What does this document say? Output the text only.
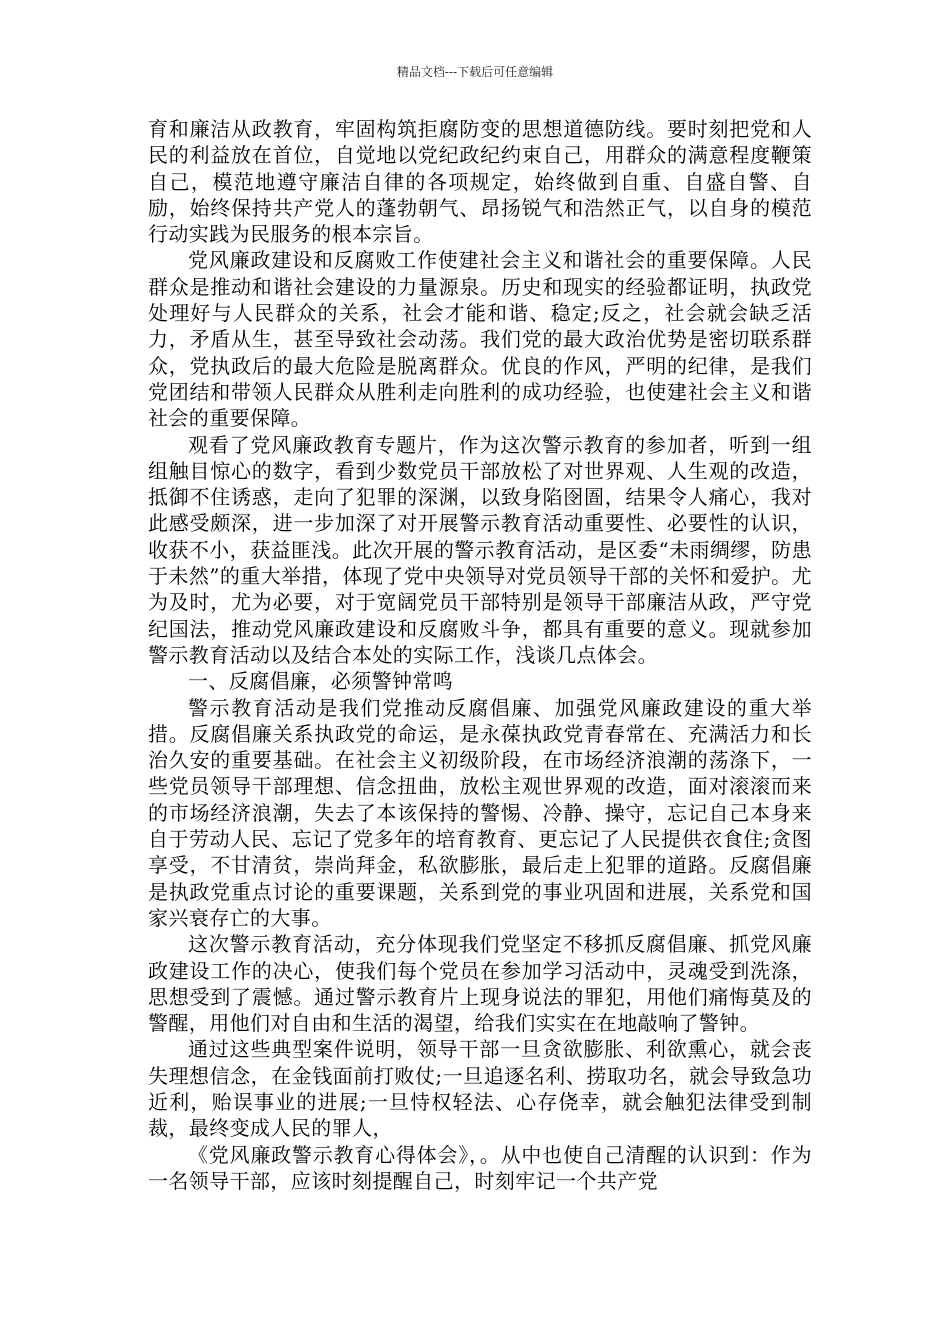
精品文档---下载后可任意编辑

育和廉洁从政教育，牢固构筑拒腐防变的思想道德防线。要时刻把党和人民的利益放在首位，自觉地以党纪政纪约束自己，用群众的满意程度鞭策自己，模范地遵守廉洁自律的各项规定，始终做到自重、自盛自警、自励，始终保持共产党人的蓬勃朝气、昂扬锐气和浩然正气，以自身的模范行动实践为民服务的根本宗旨。

党风廉政建设和反腐败工作使建社会主义和谐社会的重要保障。人民群众是推动和谐社会建设的力量源泉。历史和现实的经验都证明，执政党处理好与人民群众的关系，社会才能和谐、稳定;反之，社会就会缺乏活力，矛盾从生，甚至导致社会动荡。我们党的最大政治优势是密切联系群众，党执政后的最大危险是脱离群众。优良的作风，严明的纪律，是我们党团结和带领人民群众从胜利走向胜利的成功经验，也使建社会主义和谐社会的重要保障。

观看了党风廉政教育专题片，作为这次警示教育的参加者，听到一组组触目惊心的数字，看到少数党员干部放松了对世界观、人生观的改造，抵御不住诱惑，走向了犯罪的深渊，以致身陷囹圄，结果令人痛心，我对此感受颇深，进一步加深了对开展警示教育活动重要性、必要性的认识，收获不小，获益匪浅。此次开展的警示教育活动，是区委“未雨绸缪，防患于未然”的重大举措，体现了党中央领导对党员领导干部的关怀和爱护。尤为及时，尤为必要，对于宽阔党员干部特别是领导干部廉洁从政，严守党纪国法，推动党风廉政建设和反腐败斗争，都具有重要的意义。现就参加警示教育活动以及结合本处的实际工作，浅谈几点体会。

一、反腐倡廉，必须警钟常鸣

警示教育活动是我们党推动反腐倡廉、加强党风廉政建设的重大举措。反腐倡廉关系执政党的命运，是永葆执政党青春常在、充满活力和长治久安的重要基础。在社会主义初级阶段，在市场经济浪潮的荡涤下，一些党员领导干部理想、信念扭曲，放松主观世界观的改造，面对滚滚而来的市场经济浪潮，失去了本该保持的警惕、冷静、操守，忘记自己本身来自于劳动人民、忘记了党多年的培育教育、更忘记了人民提供衣食住;贪图享受，不甘清贫，崇尚拜金，私欲膨胀，最后走上犯罪的道路。反腐倡廉是执政党重点讨论的重要课题，关系到党的事业巩固和进展，关系党和国家兴衰存亡的大事。

这次警示教育活动，充分体现我们党坚定不移抓反腐倡廉、抓党风廉政建设工作的决心，使我们每个党员在参加学习活动中，灵魂受到洗涤，思想受到了震憾。通过警示教育片上现身说法的罪犯，用他们痛悔莫及的警醒，用他们对自由和生活的渴望，给我们实实在在地敲响了警钟。

通过这些典型案件说明，领导干部一旦贪欲膨胀、利欲熏心，就会丧失理想信念，在金钱面前打败仗;一旦追逐名利、捞取功名，就会导致急功近利，贻误事业的进展;一旦恃权轻法、心存侥幸，就会触犯法律受到制裁，最终变成人民的罪人，

《党风廉政警示教育心得体会》，。从中也使自己清醒的认识到：作为一名领导干部，应该时刻提醒自己，时刻牢记一个共产党
